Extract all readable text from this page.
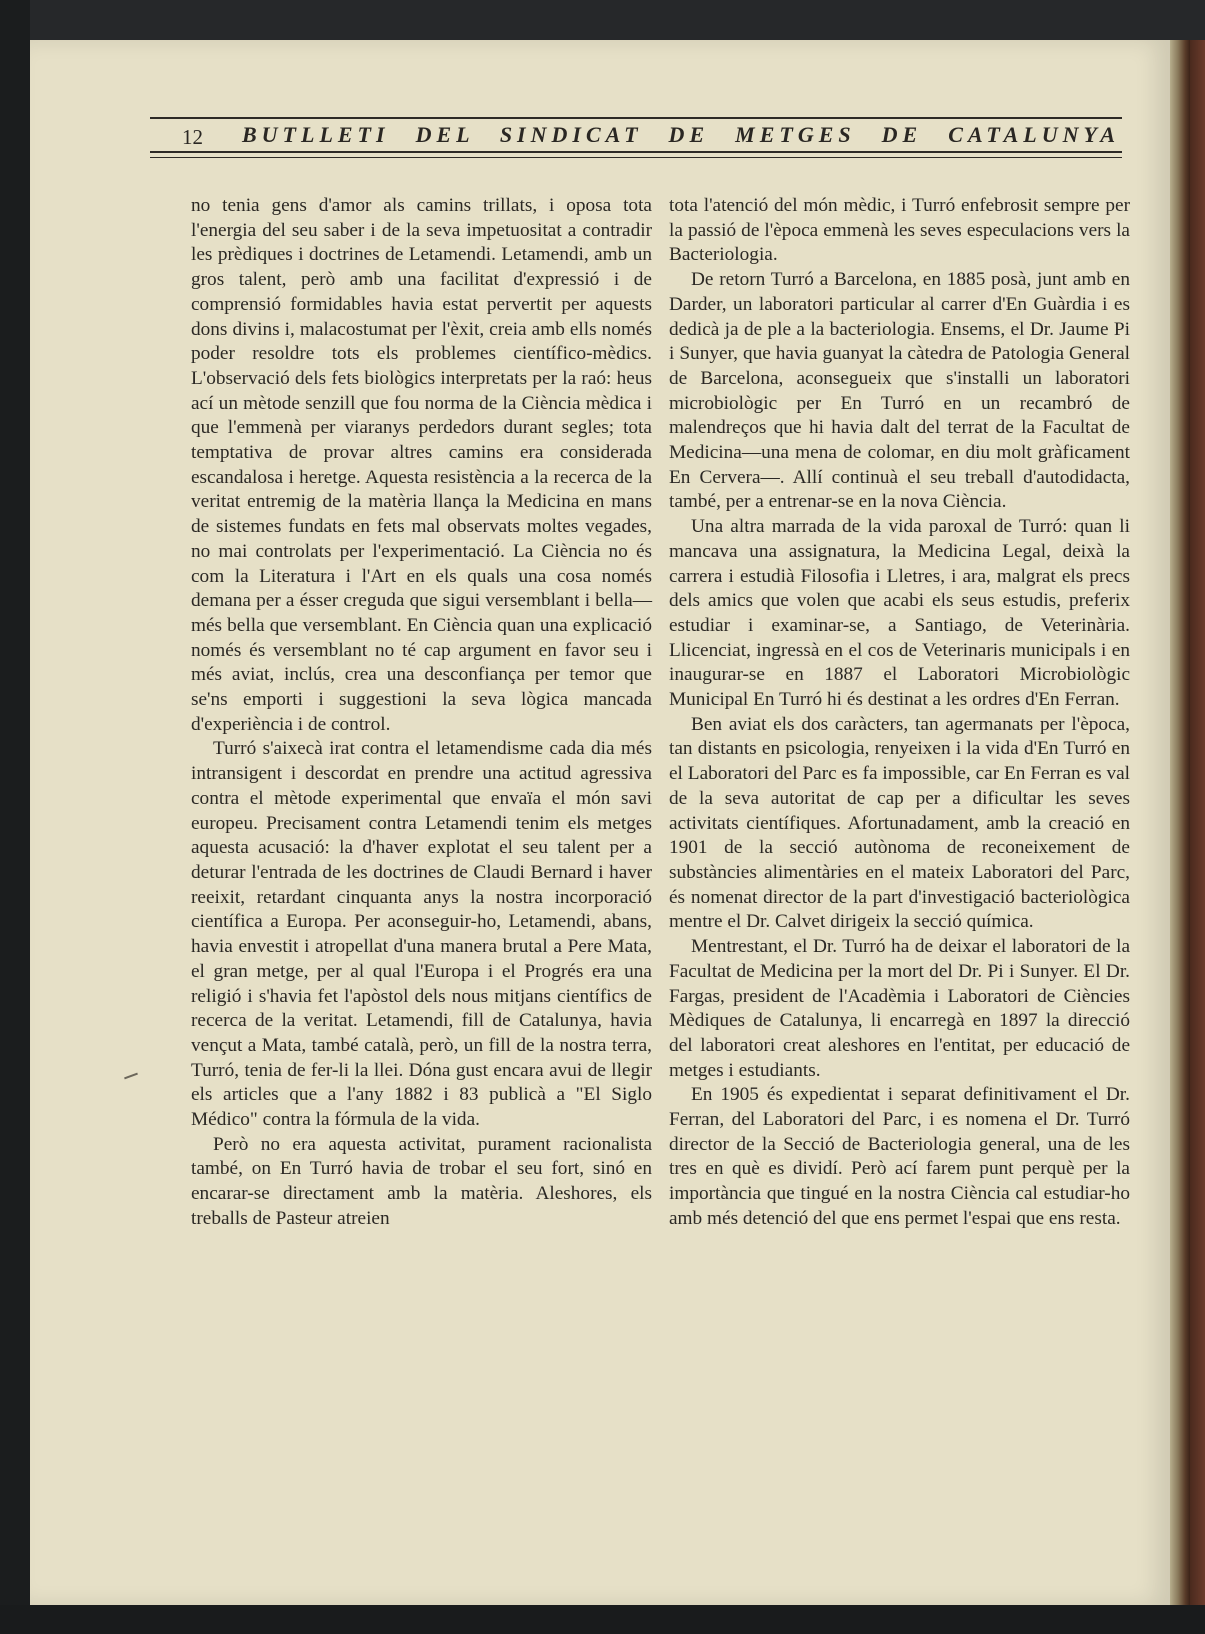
12 BUTLLETI DEL SINDICAT DE METGES DE CATALUNYA

no tenia gens d'amor als camins trillats, i oposa tota l'energia del seu saber i de la seva impetuositat a contradir les prèdiques i doctrines de Letamendi. Letamendi, amb un gros talent, però amb una facilitat d'expressió i de comprensió formidables havia estat pervertit per aquests dons divins i, malacostumat per l'èxit, creia amb ells només poder resoldre tots els problemes científico-mèdics. L'observació dels fets biològics interpretats per la raó: heus ací un mètode senzill que fou norma de la Ciència mèdica i que l'emmenà per viaranys perdedors durant segles; tota temptativa de provar altres camins era considerada escandalosa i heretge. Aquesta resistència a la recerca de la veritat entremig de la matèria llança la Medicina en mans de sistemes fundats en fets mal observats moltes vegades, no mai controlats per l'experimentació. La Ciència no és com la Literatura i l'Art en els quals una cosa només demana per a ésser creguda que sigui versemblant i bella—més bella que versemblant. En Ciència quan una explicació només és versemblant no té cap argument en favor seu i més aviat, inclús, crea una desconfiança per temor que se'ns emporti i suggestioni la seva lògica mancada d'experiència i de control.

Turró s'aixecà irat contra el letamendisme cada dia més intransigent i descordat en prendre una actitud agressiva contra el mètode experimental que envaïa el món savi europeu. Precisament contra Letamendi tenim els metges aquesta acusació: la d'haver explotat el seu talent per a deturar l'entrada de les doctrines de Claudi Bernard i haver reeixit, retardant cinquanta anys la nostra incorporació científica a Europa. Per aconseguir-ho, Letamendi, abans, havia envestit i atropellat d'una manera brutal a Pere Mata, el gran metge, per al qual l'Europa i el Progrés era una religió i s'havia fet l'apòstol dels nous mitjans científics de recerca de la veritat. Letamendi, fill de Catalunya, havia vençut a Mata, també català, però, un fill de la nostra terra, Turró, tenia de fer-li la llei. Dóna gust encara avui de llegir els articles que a l'any 1882 i 83 publicà a "El Siglo Médico" contra la fórmula de la vida.

Però no era aquesta activitat, purament racionalista també, on En Turró havia de trobar el seu fort, sinó en encarar-se directament amb la matèria. Aleshores, els treballs de Pasteur atreien

tota l'atenció del món mèdic, i Turró enfebrosit sempre per la passió de l'època emmenà les seves especulacions vers la Bacteriologia.

De retorn Turró a Barcelona, en 1885 posà, junt amb en Darder, un laboratori particular al carrer d'En Guàrdia i es dedicà ja de ple a la bacteriologia. Ensems, el Dr. Jaume Pi i Sunyer, que havia guanyat la càtedra de Patologia General de Barcelona, aconsegueix que s'installi un laboratori microbiològic per En Turró en un recambró de malendreços que hi havia dalt del terrat de la Facultat de Medicina—una mena de colomar, en diu molt gràficament En Cervera—. Allí continuà el seu treball d'autodidacta, també, per a entrenar-se en la nova Ciència.

Una altra marrada de la vida paroxal de Turró: quan li mancava una assignatura, la Medicina Legal, deixà la carrera i estudià Filosofia i Lletres, i ara, malgrat els precs dels amics que volen que acabi els seus estudis, preferix estudiar i examinar-se, a Santiago, de Veterinària. Llicenciat, ingressà en el cos de Veterinaris municipals i en inaugurar-se en 1887 el Laboratori Microbiològic Municipal En Turró hi és destinat a les ordres d'En Ferran.

Ben aviat els dos caràcters, tan agermanats per l'època, tan distants en psicologia, renyeixen i la vida d'En Turró en el Laboratori del Parc es fa impossible, car En Ferran es val de la seva autoritat de cap per a dificultar les seves activitats científiques. Afortunadament, amb la creació en 1901 de la secció autònoma de reconeixement de substàncies alimentàries en el mateix Laboratori del Parc, és nomenat director de la part d'investigació bacteriològica mentre el Dr. Calvet dirigeix la secció química.

Mentrestant, el Dr. Turró ha de deixar el laboratori de la Facultat de Medicina per la mort del Dr. Pi i Sunyer. El Dr. Fargas, president de l'Acadèmia i Laboratori de Ciències Mèdiques de Catalunya, li encarregà en 1897 la direcció del laboratori creat aleshores en l'entitat, per educació de metges i estudiants.

En 1905 és expedientat i separat definitivament el Dr. Ferran, del Laboratori del Parc, i es nomena el Dr. Turró director de la Secció de Bacteriologia general, una de les tres en què es dividí. Però ací farem punt perquè per la importància que tingué en la nostra Ciència cal estudiar-ho amb més detenció del que ens permet l'espai que ens resta.
